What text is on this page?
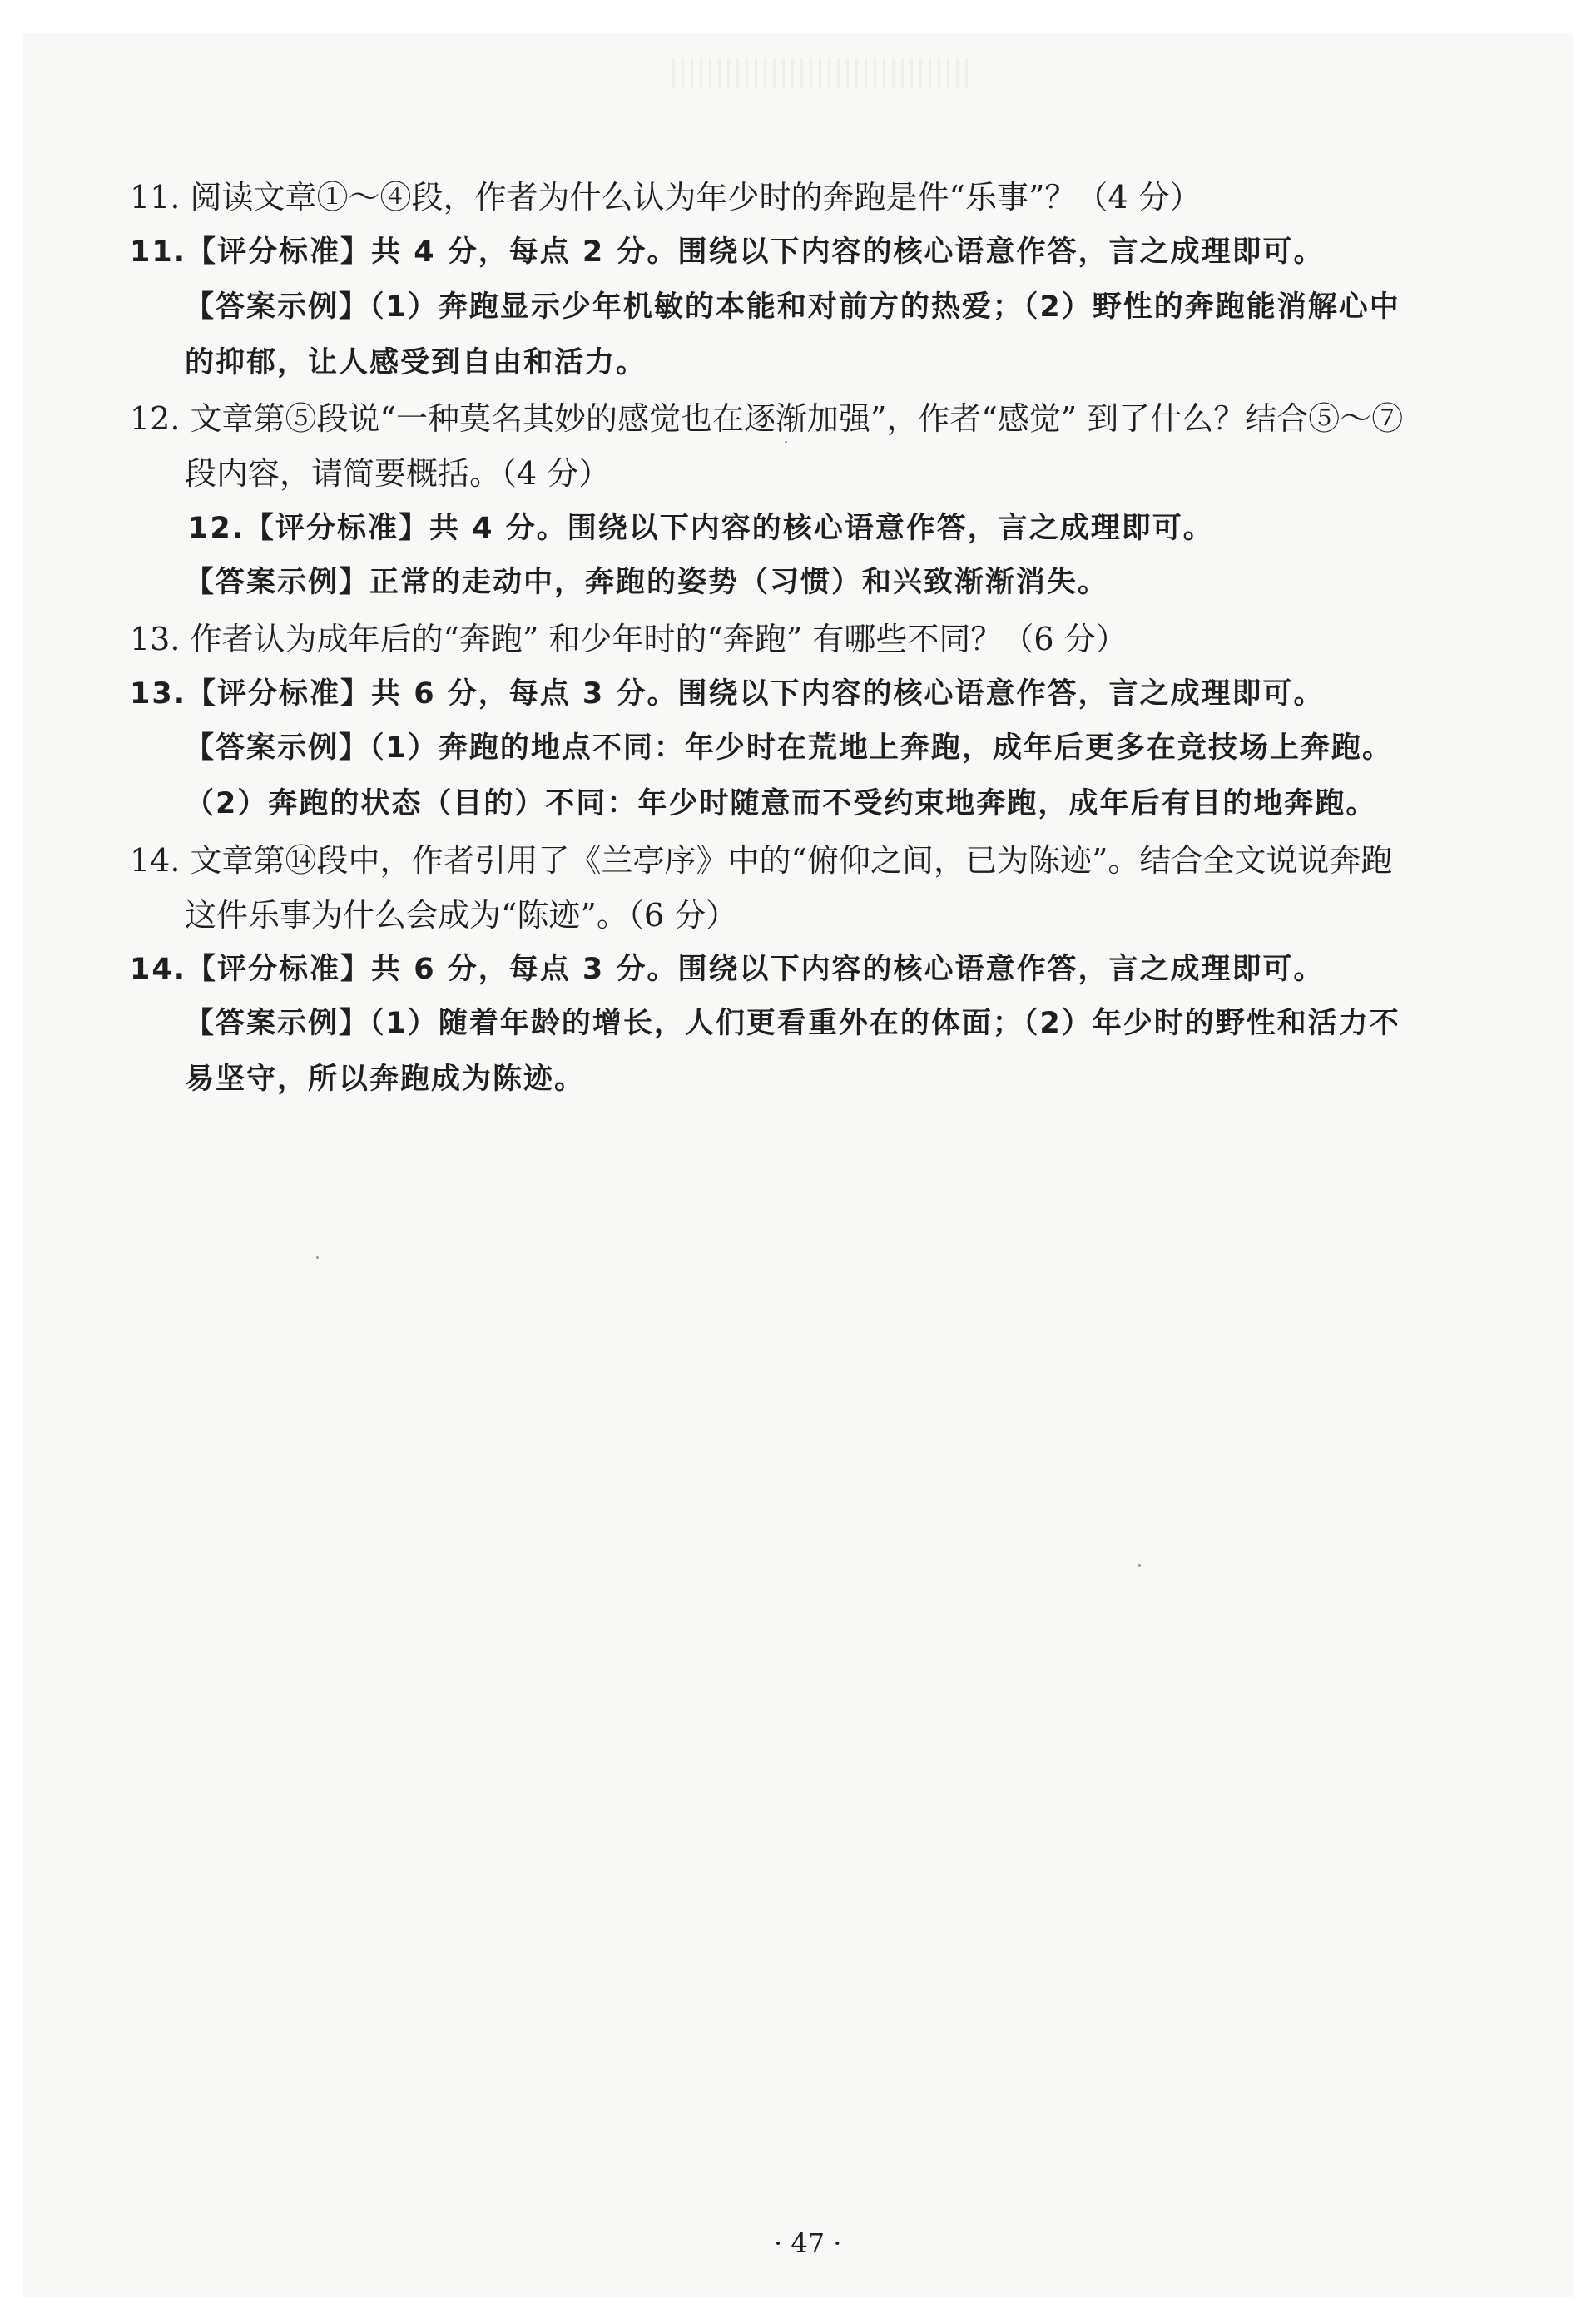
11. 阅读文章①～④段，作者为什么认为年少时的奔跑是件“乐事”？（4 分）
11.【评分标准】共 4 分，每点 2 分。围绕以下内容的核心语意作答，言之成理即可。
【答案示例】（1）奔跑显示少年机敏的本能和对前方的热爱；（2）野性的奔跑能消解心中
的抑郁，让人感受到自由和活力。
12. 文章第⑤段说“一种莫名其妙的感觉也在逐渐加强”，作者“感觉” 到了什么？结合⑤～⑦
段内容，请简要概括。（4 分）
12.【评分标准】共 4 分。围绕以下内容的核心语意作答，言之成理即可。
【答案示例】正常的走动中，奔跑的姿势（习惯）和兴致渐渐消失。
13. 作者认为成年后的“奔跑” 和少年时的“奔跑” 有哪些不同？（6 分）
13.【评分标准】共 6 分，每点 3 分。围绕以下内容的核心语意作答，言之成理即可。
【答案示例】（1）奔跑的地点不同：年少时在荒地上奔跑，成年后更多在竞技场上奔跑。
（2）奔跑的状态（目的）不同：年少时随意而不受约束地奔跑，成年后有目的地奔跑。
14. 文章第⑭段中，作者引用了《兰亭序》中的“俯仰之间，已为陈迹”。结合全文说说奔跑
这件乐事为什么会成为“陈迹”。（6 分）
14.【评分标准】共 6 分，每点 3 分。围绕以下内容的核心语意作答，言之成理即可。
【答案示例】（1）随着年龄的增长，人们更看重外在的体面；（2）年少时的野性和活力不
易坚守，所以奔跑成为陈迹。
· 47 ·
